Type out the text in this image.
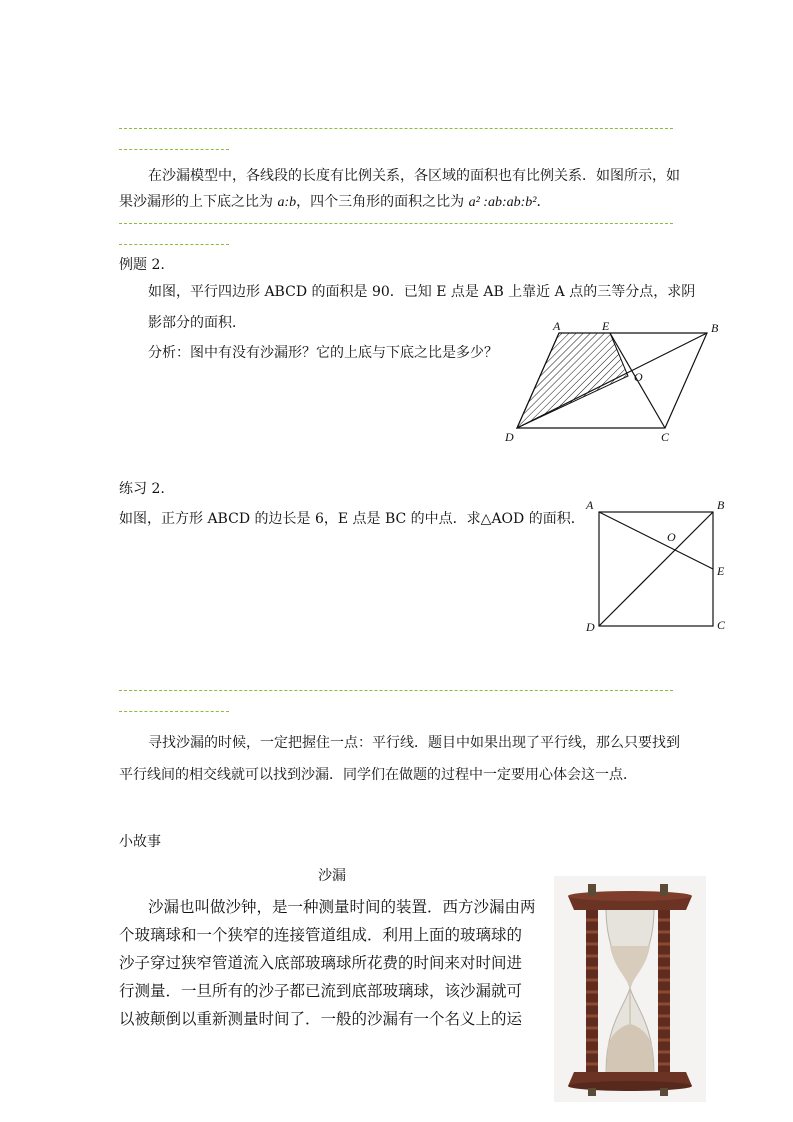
在沙漏模型中，各线段的长度有比例关系，各区域的面积也有比例关系．如图所示，如
果沙漏形的上下底之比为 a:b，四个三角形的面积之比为 a² :ab:ab:b²．
例题 2.
如图，平行四边形 ABCD 的面积是 90．已知 E 点是 AB 上靠近 A 点的三等分点，求阴
影部分的面积．
分析：图中有没有沙漏形？它的上底与下底之比是多少？
A	E	B
O
D	C
练习 2.
如图，正方形 ABCD 的边长是 6，E 点是 BC 的中点．求△AOD 的面积．
A	B
O
E
D	C
寻找沙漏的时候，一定把握住一点：平行线．题目中如果出现了平行线，那么只要找到
平行线间的相交线就可以找到沙漏．同学们在做题的过程中一定要用心体会这一点．
小故事
沙漏
沙漏也叫做沙钟，是一种测量时间的装置．西方沙漏由两
个玻璃球和一个狭窄的连接管道组成．利用上面的玻璃球的
沙子穿过狭窄管道流入底部玻璃球所花费的时间来对时间进
行测量．一旦所有的沙子都已流到底部玻璃球，该沙漏就可
以被颠倒以重新测量时间了．一般的沙漏有一个名义上的运
